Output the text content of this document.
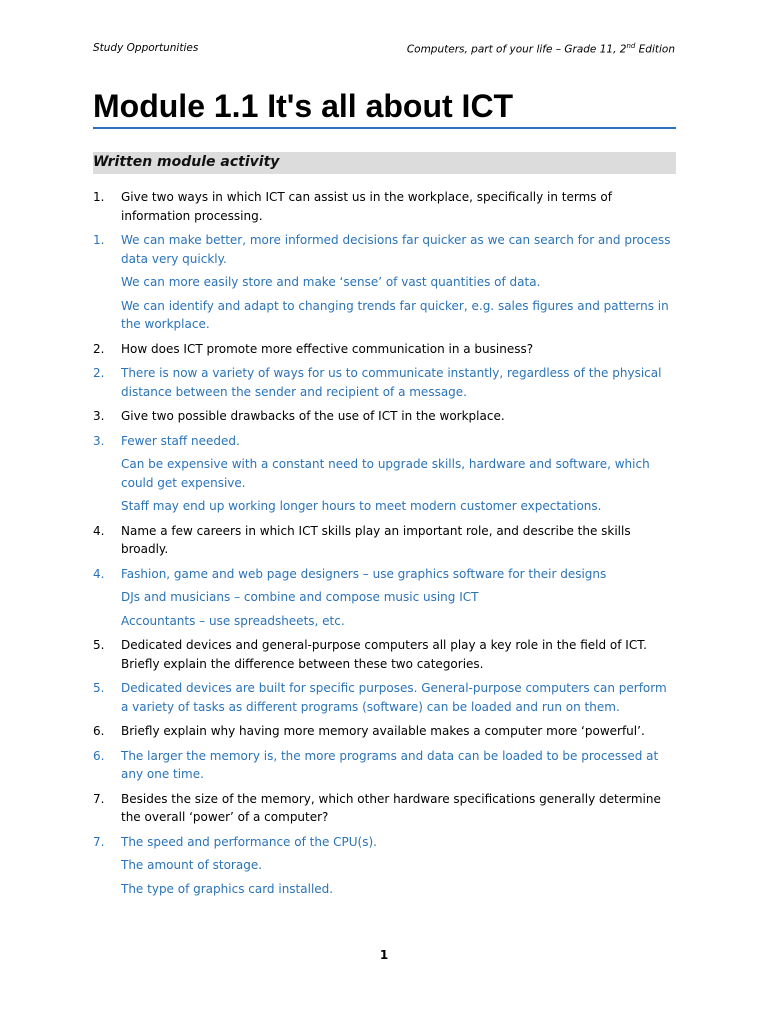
Study Opportunities	Computers, part of your life – Grade 11, 2nd Edition
Module 1.1 It's all about ICT
Written module activity
1.	Give two ways in which ICT can assist us in the workplace, specifically in terms of information processing.

1.	We can make better, more informed decisions far quicker as we can search for and process data very quickly.

We can more easily store and make ‘sense’ of vast quantities of data.

We can identify and adapt to changing trends far quicker, e.g. sales figures and patterns in the workplace.

2.	How does ICT promote more effective communication in a business?

2.	There is now a variety of ways for us to communicate instantly, regardless of the physical distance between the sender and recipient of a message.

3.	Give two possible drawbacks of the use of ICT in the workplace.

3.	Fewer staff needed.

Can be expensive with a constant need to upgrade skills, hardware and software, which could get expensive.

Staff may end up working longer hours to meet modern customer expectations.

4.	Name a few careers in which ICT skills play an important role, and describe the skills broadly.

4.	Fashion, game and web page designers – use graphics software for their designs

DJs and musicians – combine and compose music using ICT

Accountants – use spreadsheets, etc.

5.	Dedicated devices and general-purpose computers all play a key role in the field of ICT. Briefly explain the difference between these two categories.

5.	Dedicated devices are built for specific purposes. General-purpose computers can perform a variety of tasks as different programs (software) can be loaded and run on them.

6.	Briefly explain why having more memory available makes a computer more ‘powerful’.

6.	The larger the memory is, the more programs and data can be loaded to be processed at any one time.

7.	Besides the size of the memory, which other hardware specifications generally determine the overall ‘power’ of a computer?

7.	The speed and performance of the CPU(s).

The amount of storage.

The type of graphics card installed.

1
